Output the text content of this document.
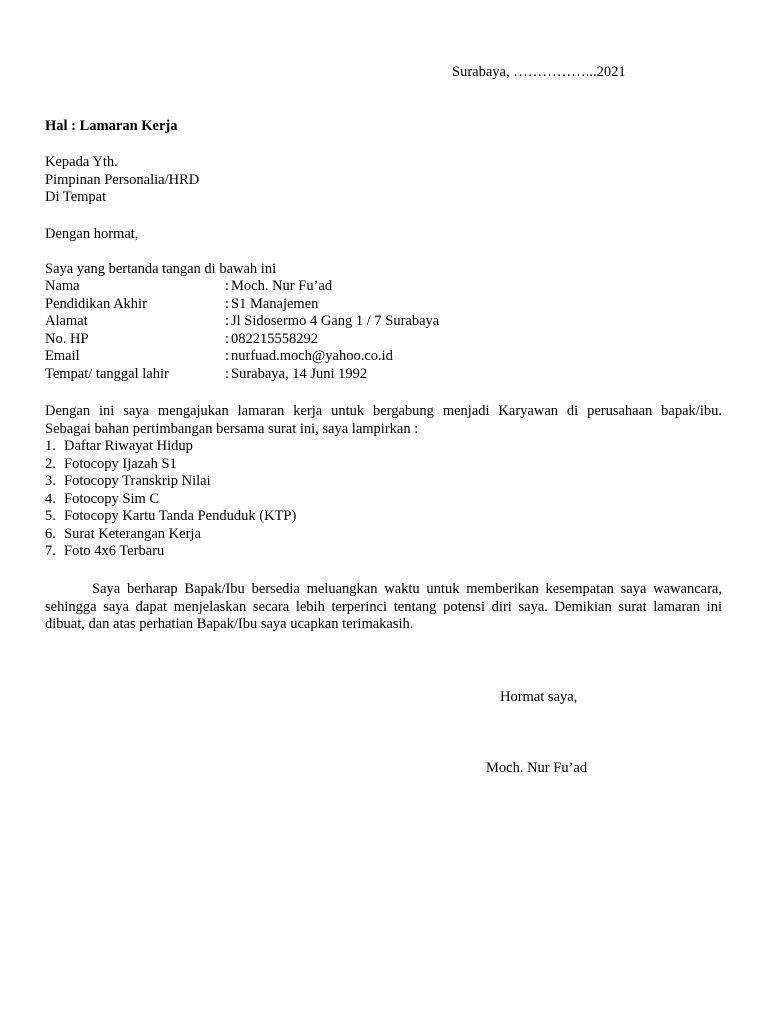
Surabaya, ……………...2021
Hal : Lamaran Kerja
Kepada Yth.
Pimpinan Personalia/HRD
Di Tempat
Dengan hormat,
Saya yang bertanda tangan di bawah ini
Nama	: Moch. Nur Fu’ad
Pendidikan Akhir	: S1 Manajemen
Alamat	: Jl Sidosermo 4 Gang 1 / 7 Surabaya
No. HP	: 082215558292
Email	: nurfuad.moch@yahoo.co.id
Tempat/ tanggal lahir	: Surabaya, 14 Juni 1992
Dengan ini saya mengajukan lamaran kerja untuk bergabung menjadi Karyawan di perusahaan bapak/ibu.
Sebagai bahan pertimbangan bersama surat ini, saya lampirkan :
1. Daftar Riwayat Hidup
2. Fotocopy Ijazah S1
3. Fotocopy Transkrip Nilai
4. Fotocopy Sim C
5. Fotocopy Kartu Tanda Penduduk (KTP)
6. Surat Keterangan Kerja
7. Foto 4x6 Terbaru
Saya berharap Bapak/Ibu bersedia meluangkan waktu untuk memberikan kesempatan saya wawancara,
sehingga saya dapat menjelaskan secara lebih terperinci tentang potensi diri saya. Demikian surat lamaran ini
dibuat, dan atas perhatian Bapak/Ibu saya ucapkan terimakasih.
Hormat saya,
Moch. Nur Fu’ad
